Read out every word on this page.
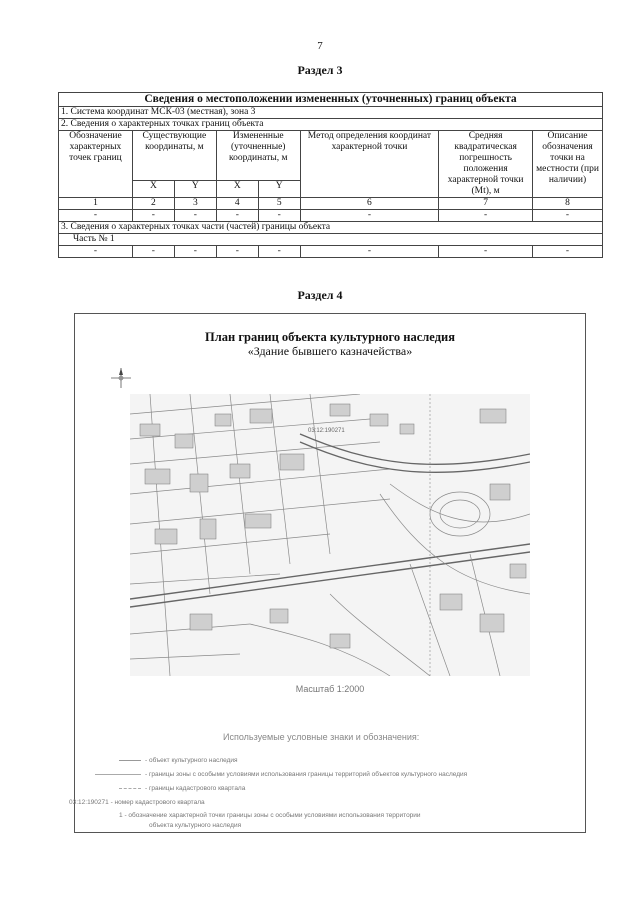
7
Раздел 3
Сведения о местоположении измененных (уточненных) границ объекта							
1. Система координат МСК-03 (местная), зона 3							
2. Сведения о характерных точках границ объекта							
Обозначение характерных точек границ	Существующие координаты, м		Измененные (уточненные) координаты, м		Метод определения координат характерной точки	Средняя квадратическая погрешность положения характерной точки (Mt), м	Описание обозначения точки на местности (при наличии)
	X	Y	X	Y			
1	2	3	4	5	6	7	8
-	-	-	-	-	-	-	-
3. Сведения о характерных точках части (частей) границы объекта							
Часть № 1							
-	-	-	-	-	-	-	-
Раздел 4
План границ объекта культурного наследия
«Здание бывшего казначейства»
03:12:190271
Масштаб 1:2000
Используемые условные знаки и обозначения:
- объект культурного наследия
- границы зоны с особыми условиями использования границы территорий объектов культурного наследия
- границы кадастрового квартала
03:12:190271 - номер кадастрового квартала
1 - обозначение характерной точки границы зоны с особыми условиями использования территории
объекта культурного наследия
